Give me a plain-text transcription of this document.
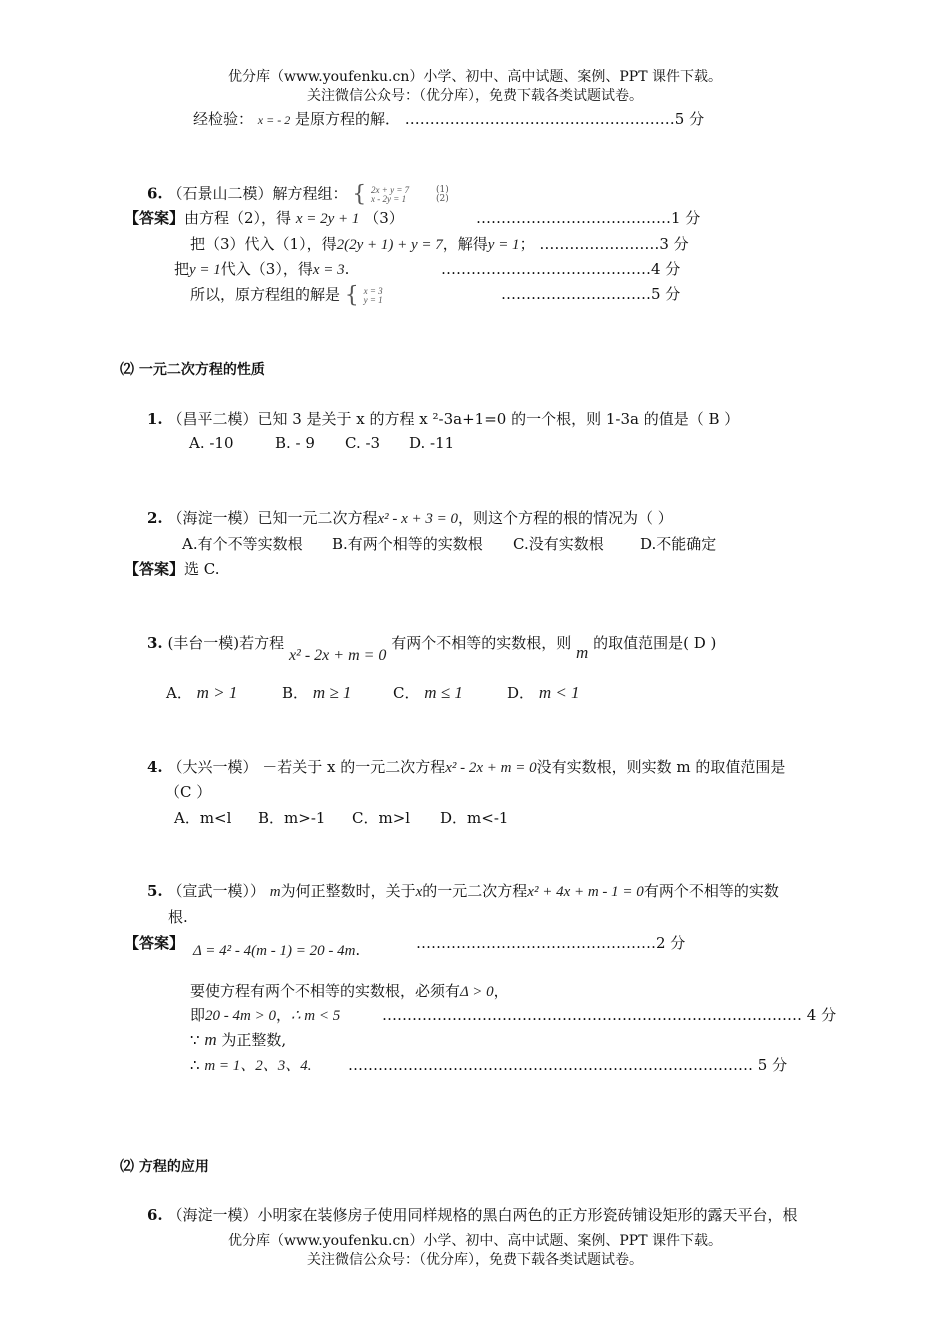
优分库（www.youfenku.cn）小学、初中、高中试题、案例、PPT 课件下载。
关注微信公众号：（优分库），免费下载各类试题试卷。
经检验： x = - 2 是原方程的解． ………………………………………………5 分
6. （石景山二模）解方程组： { 2x + y = 7
x - 2y = 1 (1)
(2)
【答案】由方程（2），得 x = 2y + 1 （3）	…………………………………1 分
把（3）代入（1），得2(2y + 1) + y = 7，解得y = 1； ……………………3 分
把y = 1代入（3），得x = 3.	……………………………………4 分
所以，原方程组的解是 { x = 3
y = 1	…………………………5 分
⑵ 一元二次方程的性质
1. （昌平二模）已知 3 是关于 x 的方程 x ²-3a+1=0 的一个根，则 1-3a 的值是（ B ）
A. -10	B. - 9 C. -3 D. -11
2. （海淀一模）已知一元二次方程x² - x + 3 = 0，则这个方程的根的情况为（ ）
A.有个不等实数根 B.有两个相等的实数根 C.没有实数根 D.不能确定
【答案】选 C.
3. (丰台一模)若方程 x² - 2x + m = 0 有两个不相等的实数根，则 m 的取值范围是( D )
A． m > 1	B． m ≥ 1	C． m ≤ 1	D． m < 1
4. （大兴一模） －若关于 x 的一元二次方程x² - 2x + m = 0没有实数根，则实数 m 的取值范围是
（C ）
A．m<l B．m>-1 C．m>l D．m<-1
5. （宣武一模）） m为何正整数时，关于x的一元二次方程x² + 4x + m - 1 = 0有两个不相等的实数
根.
【答案】 Δ = 4² - 4(m - 1) = 20 - 4m.	…………………………………………2 分
要使方程有两个不相等的实数根，必须有Δ > 0，
即20 - 4m > 0，∴ m < 5	………………………………………………………………………… 4 分
∵ m 为正整数,
∴ m = 1、2、3、4. ……………………………………………………………………… 5 分
⑵ 方程的应用
6. （海淀一模）小明家在装修房子使用同样规格的黑白两色的正方形瓷砖铺设矩形的露天平台，根
优分库（www.youfenku.cn）小学、初中、高中试题、案例、PPT 课件下载。
关注微信公众号：（优分库），免费下载各类试题试卷。
